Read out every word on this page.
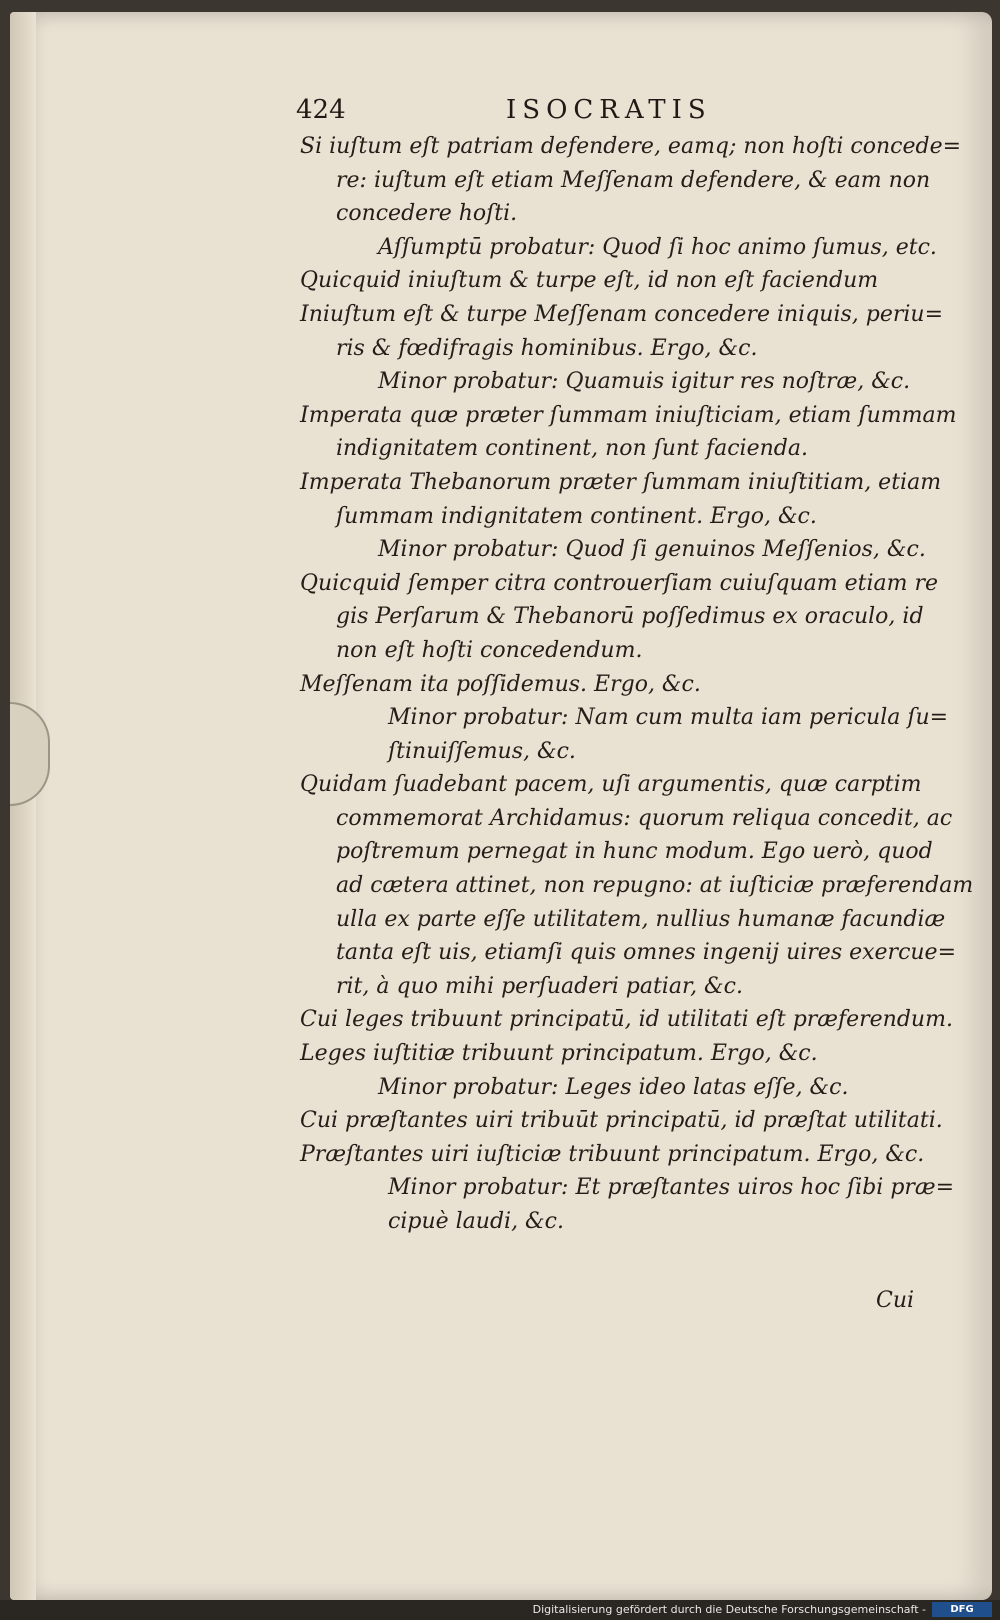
424	ISOCRATIS
Si iuſtum eſt patriam defendere, eamq; non hoſti concede=
re: iuſtum eſt etiam Meſſenam defendere, & eam non
concedere hoſti.
Aſſumptū probatur: Quod ſi hoc animo ſumus, etc.
Quicquid iniuſtum & turpe eſt, id non eſt faciendum
Iniuſtum eſt & turpe Meſſenam concedere iniquis, periu=
ris & fœdifragis hominibus. Ergo, &c.
Minor probatur: Quamuis igitur res noſtræ, &c.
Imperata quæ præter ſummam iniuſticiam, etiam ſummam
indignitatem continent, non ſunt facienda.
Imperata Thebanorum præter ſummam iniuſtitiam, etiam
ſummam indignitatem continent. Ergo, &c.
Minor probatur: Quod ſi genuinos Meſſenios, &c.
Quicquid ſemper citra controuerſiam cuiuſquam etiam re
gis Perſarum & Thebanorū poſſedimus ex oraculo, id
non eſt hoſti concedendum.
Meſſenam ita poſſidemus. Ergo, &c.
Minor probatur: Nam cum multa iam pericula ſu=
ſtinuiſſemus, &c.
Quidam ſuadebant pacem, uſi argumentis, quæ carptim
commemorat Archidamus: quorum reliqua concedit, ac
poſtremum pernegat in hunc modum. Ego uerò, quod
ad cætera attinet, non repugno: at iuſticiæ præferendam
ulla ex parte eſſe utilitatem, nullius humanæ facundiæ
tanta eſt uis, etiamſi quis omnes ingenij uires exercue=
rit, à quo mihi perſuaderi patiar, &c.
Cui leges tribuunt principatū, id utilitati eſt præferendum.
Leges iuſtitiæ tribuunt principatum. Ergo, &c.
Minor probatur: Leges ideo latas eſſe, &c.
Cui præſtantes uiri tribuūt principatū, id præſtat utilitati.
Præſtantes uiri iuſticiæ tribuunt principatum. Ergo, &c.
Minor probatur: Et præſtantes uiros hoc ſibi præ=
cipuè laudi, &c.
Cui
Digitalisierung gefördert durch die Deutsche Forschungsgemeinschaft -	DFG
